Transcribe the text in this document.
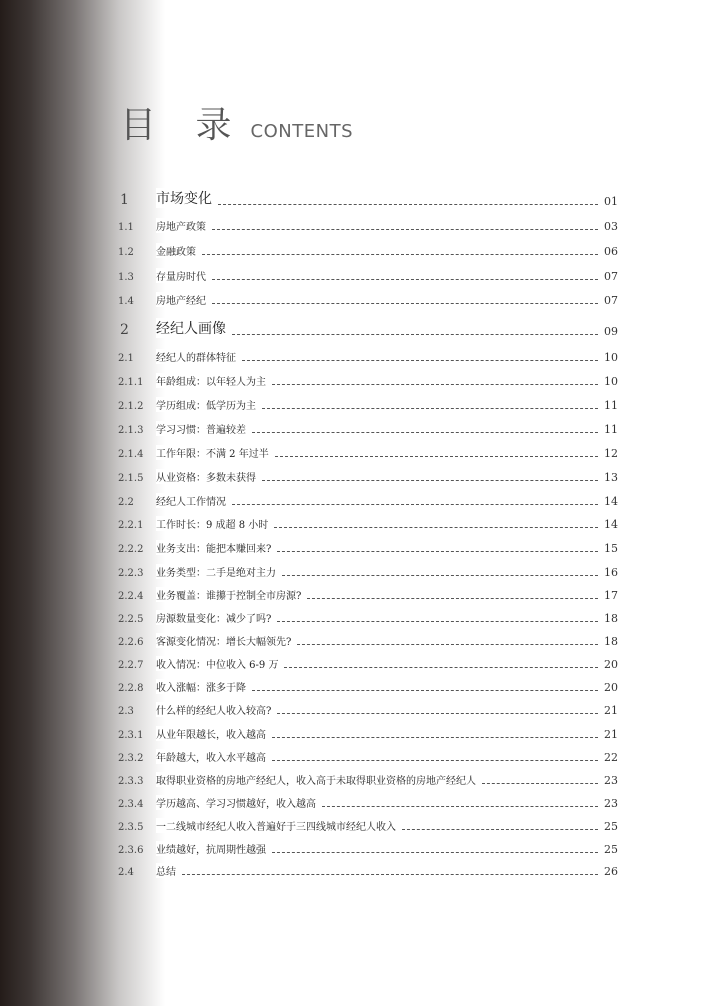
目 录 CONTENTS
1 市场变化	01
1.1 房地产政策	03
1.2 金融政策	06
1.3 存量房时代	07
1.4 房地产经纪	07
2 经纪人画像	09
2.1 经纪人的群体特征	10
2.1.1 年龄组成：以年轻人为主	10
2.1.2 学历组成：低学历为主	11
2.1.3 学习习惯：普遍较差	11
2.1.4 工作年限：不满 2 年过半	12
2.1.5 从业资格：多数未获得	13
2.2 经纪人工作情况	14
2.2.1 工作时长：9 成超 8 小时	14
2.2.2 业务支出：能把本赚回来?	15
2.2.3 业务类型：二手是绝对主力	16
2.2.4 业务覆盖：谁攥于控制全市房源?	17
2.2.5 房源数量变化：减少了吗?	18
2.2.6 客源变化情况：增长大幅领先?	18
2.2.7 收入情况：中位收入 6-9 万	20
2.2.8 收入涨幅：涨多于降	20
2.3 什么样的经纪人收入较高?	21
2.3.1 从业年限越长，收入越高	21
2.3.2 年龄越大，收入水平越高	22
2.3.3 取得职业资格的房地产经纪人，收入高于未取得职业资格的房地产经纪人	23
2.3.4 学历越高、学习习惯越好，收入越高	23
2.3.5 一二线城市经纪人收入普遍好于三四线城市经纪人收入	25
2.3.6 业绩越好，抗周期性越强	25
2.4 总结	26
